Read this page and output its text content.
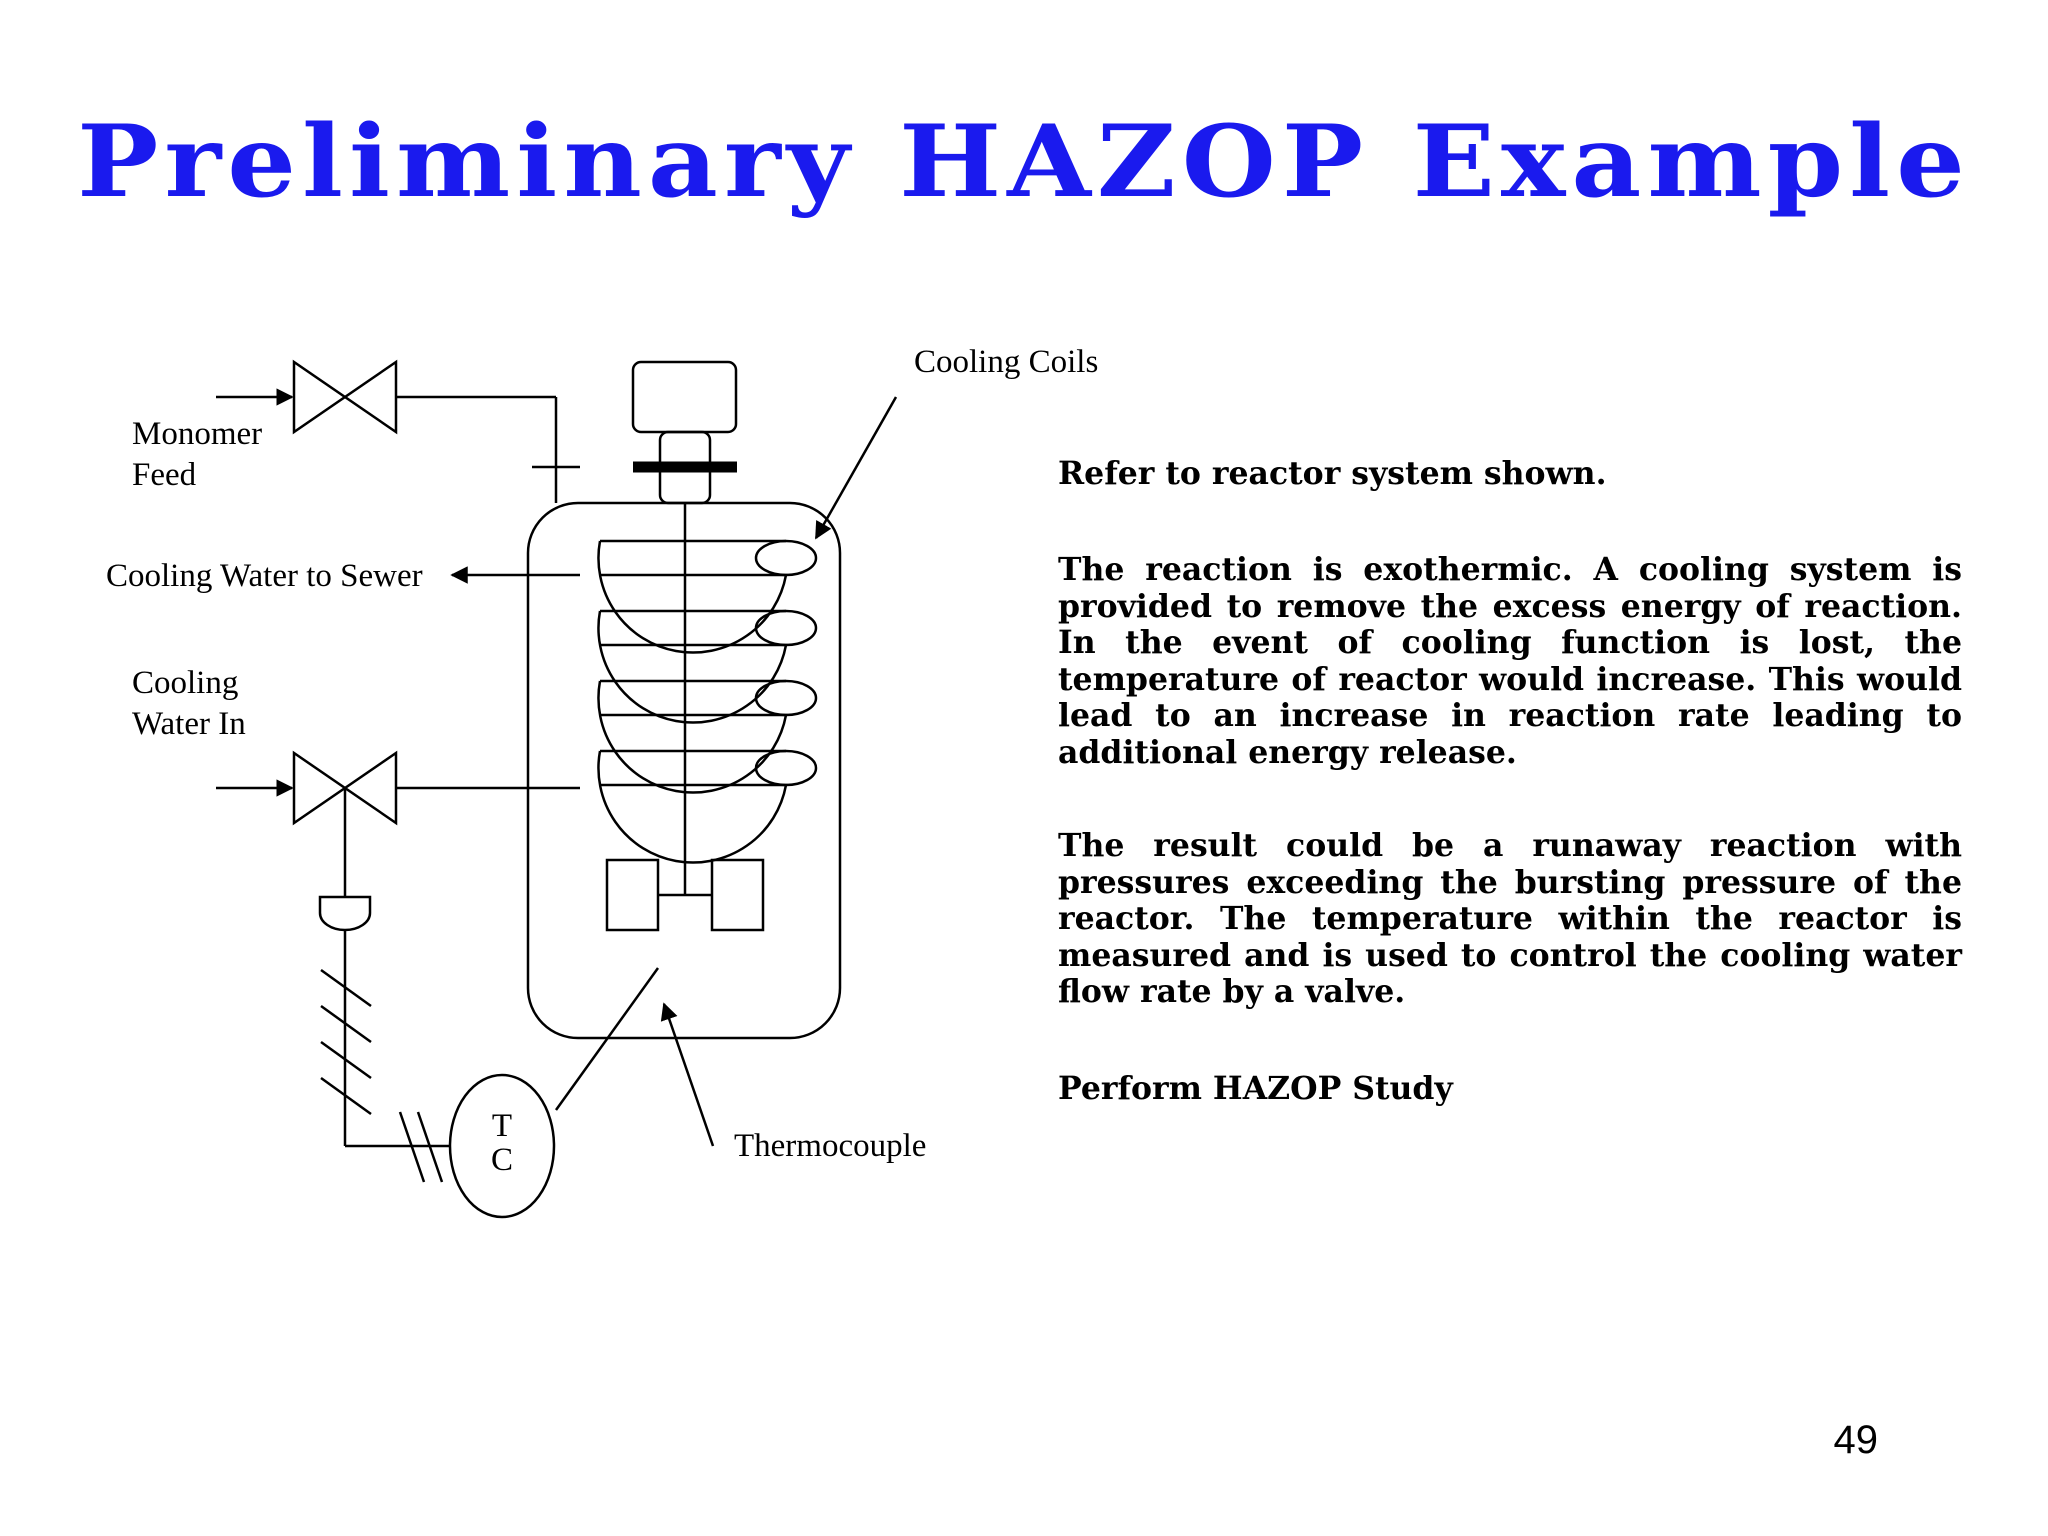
Preliminary HAZOP Example
Monomer
Feed
Cooling Water to Sewer
Cooling
Water In
Cooling Coils
Thermocouple
T
C

Refer to reactor system shown.

The reaction is exothermic. A cooling system is provided to remove the excess energy of reaction. In the event of cooling function is lost, the temperature of reactor would increase. This would lead to an increase in reaction rate leading to additional energy release.

The result could be a runaway reaction with pressures exceeding the bursting pressure of the reactor. The temperature within the reactor is measured and is used to control the cooling water flow rate by a valve.

Perform HAZOP Study

49
